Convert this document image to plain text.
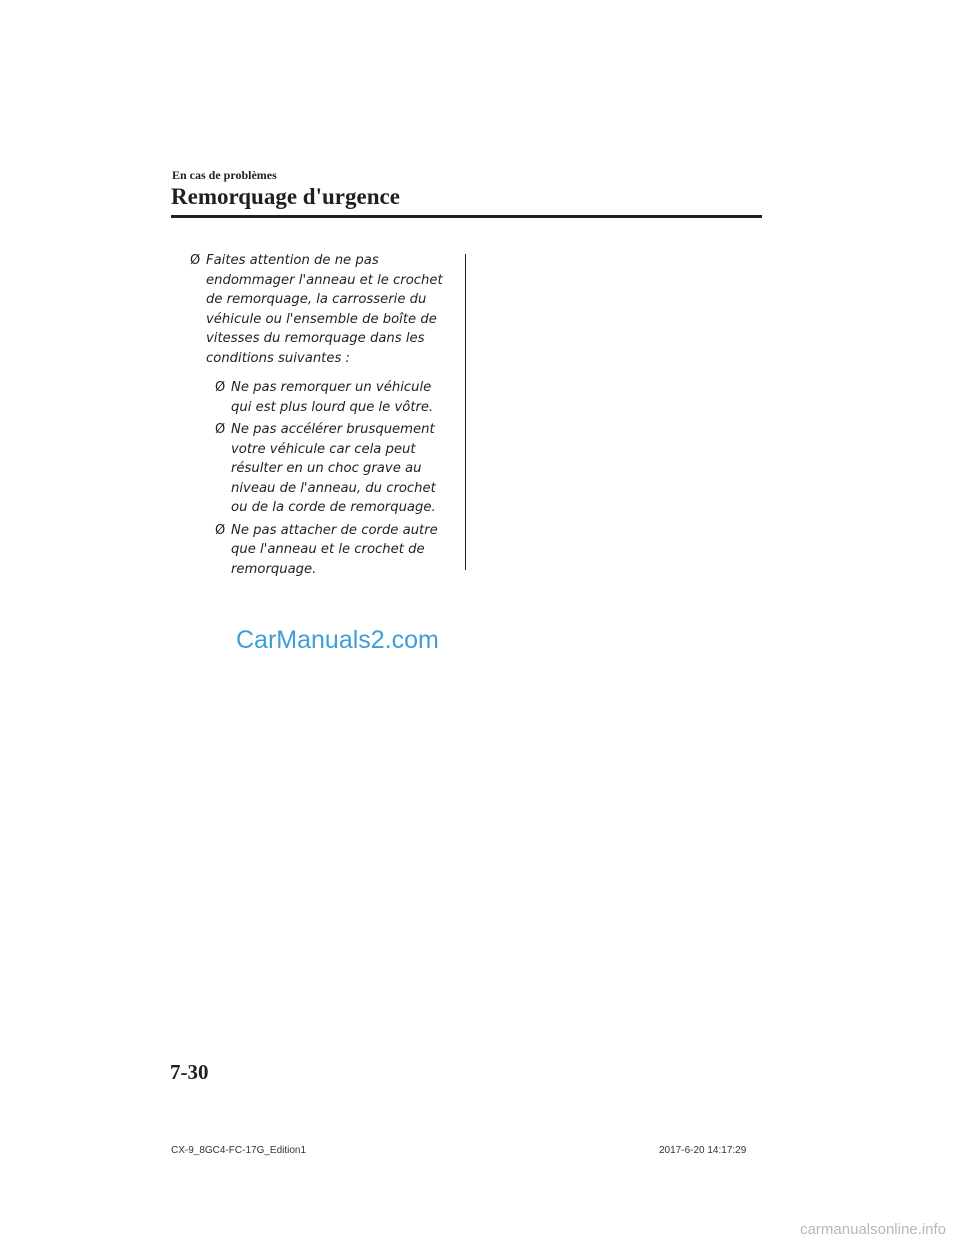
En cas de problèmes
Remorquage d'urgence
Ø Faites attention de ne pas endommager l'anneau et le crochet de remorquage, la carrosserie du véhicule ou l'ensemble de boîte de vitesses du remorquage dans les conditions suivantes :
Ø Ne pas remorquer un véhicule qui est plus lourd que le vôtre.
Ø Ne pas accélérer brusquement votre véhicule car cela peut résulter en un choc grave au niveau de l'anneau, du crochet ou de la corde de remorquage.
Ø Ne pas attacher de corde autre que l'anneau et le crochet de remorquage.
CarManuals2.com
7-30
CX-9_8GC4-FC-17G_Edition1	2017-6-20 14:17:29
carmanualsonline.info
